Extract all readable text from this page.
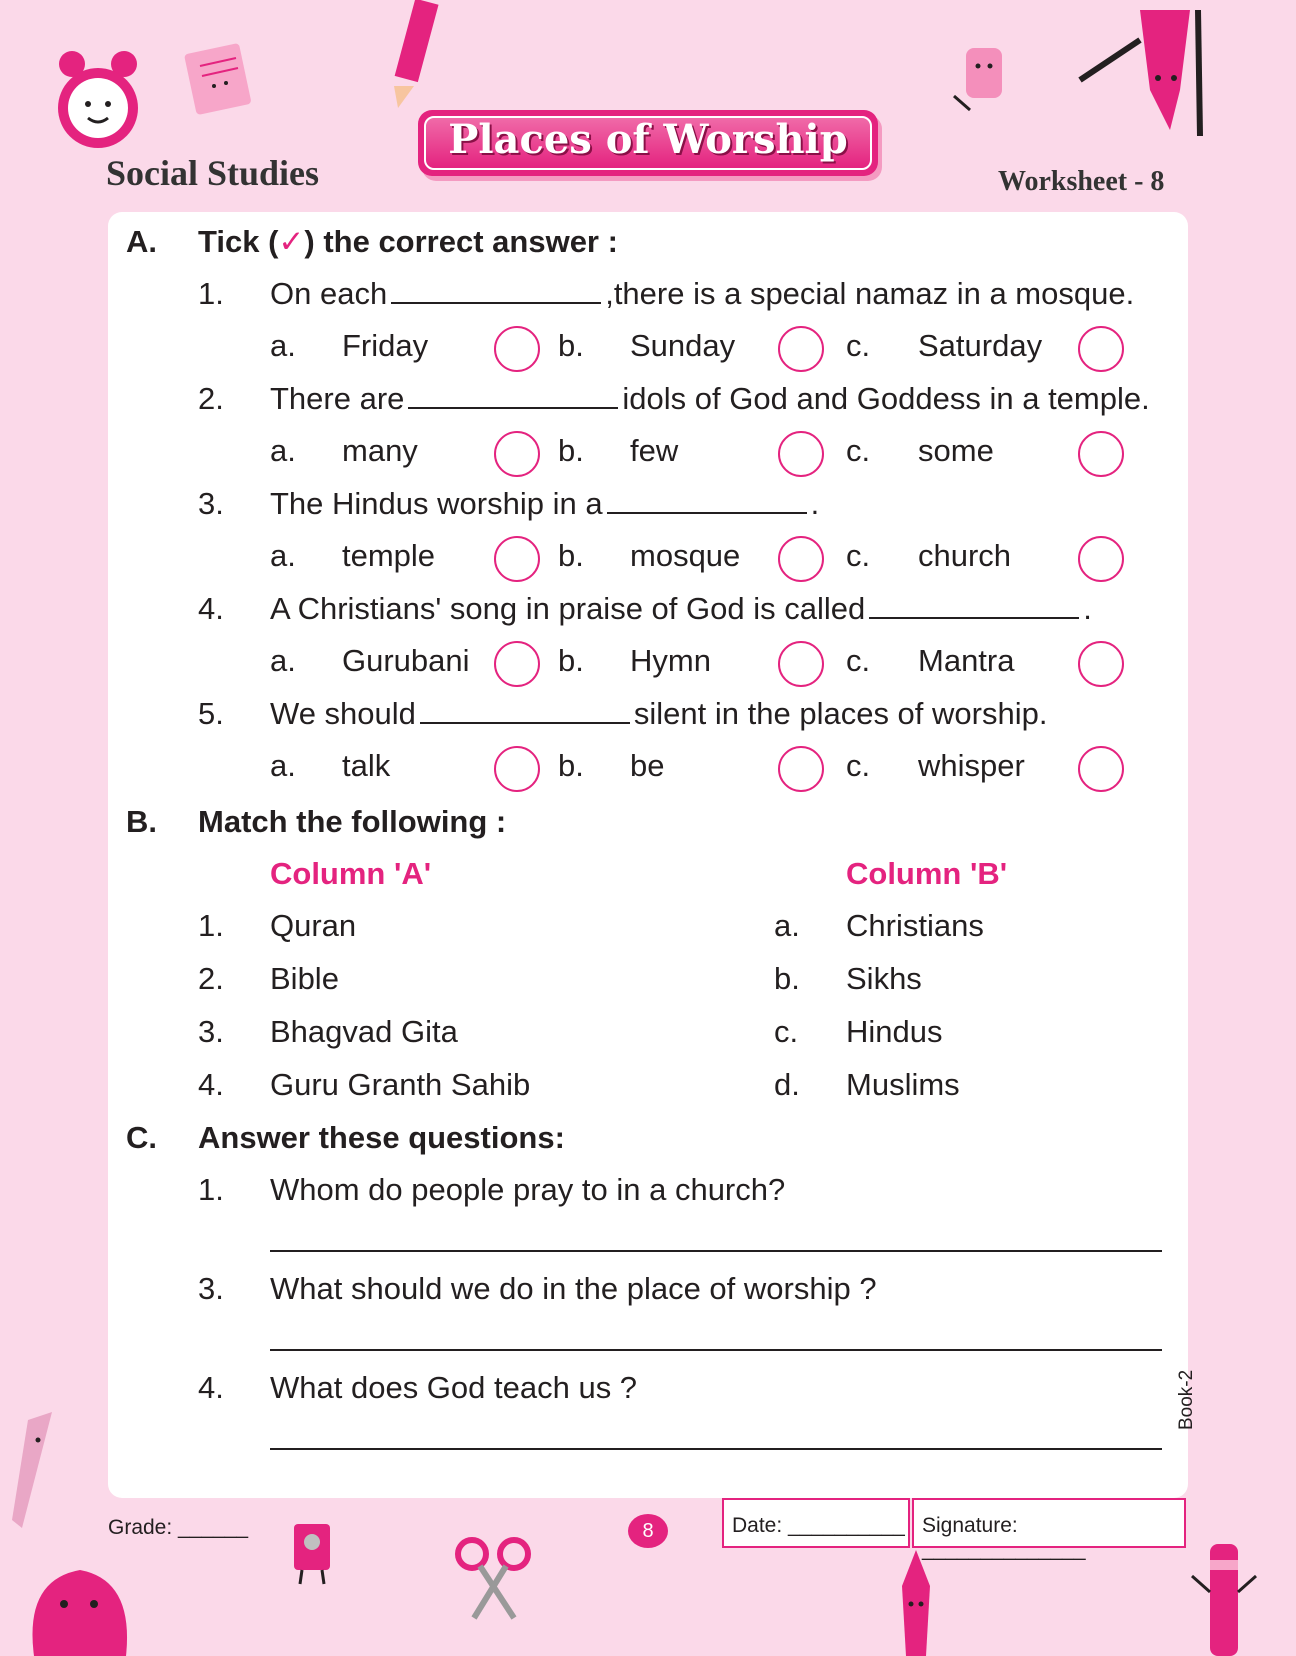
Social Studies
Places of Worship
Worksheet - 8
A. Tick (✓) the correct answer :
1. On each	,there is a special namaz in a mosque.
a. Friday	b. Sunday	c. Saturday
2. There are	idols of God and Goddess in a temple.
a. many	b. few	c. some
3. The Hindus worship in a	.
a. temple	b. mosque	c. church
4. A Christians' song in praise of God is called	.
a. Gurubani	b. Hymn	c. Mantra
5. We should	silent in the places of worship.
a. talk	b. be	c. whisper
B. Match the following :
Column 'A'	Column 'B'
1. Quran	a. Christians
2. Bible	b. Sikhs
3. Bhagvad Gita	c. Hindus
4. Guru Granth Sahib	d. Muslims
C. Answer these questions:
1. Whom do people pray to in a church?
3. What should we do in the place of worship ?
4. What does God teach us ?
Grade: ______	8	Date: __________ Signature: ______________
Book-2
